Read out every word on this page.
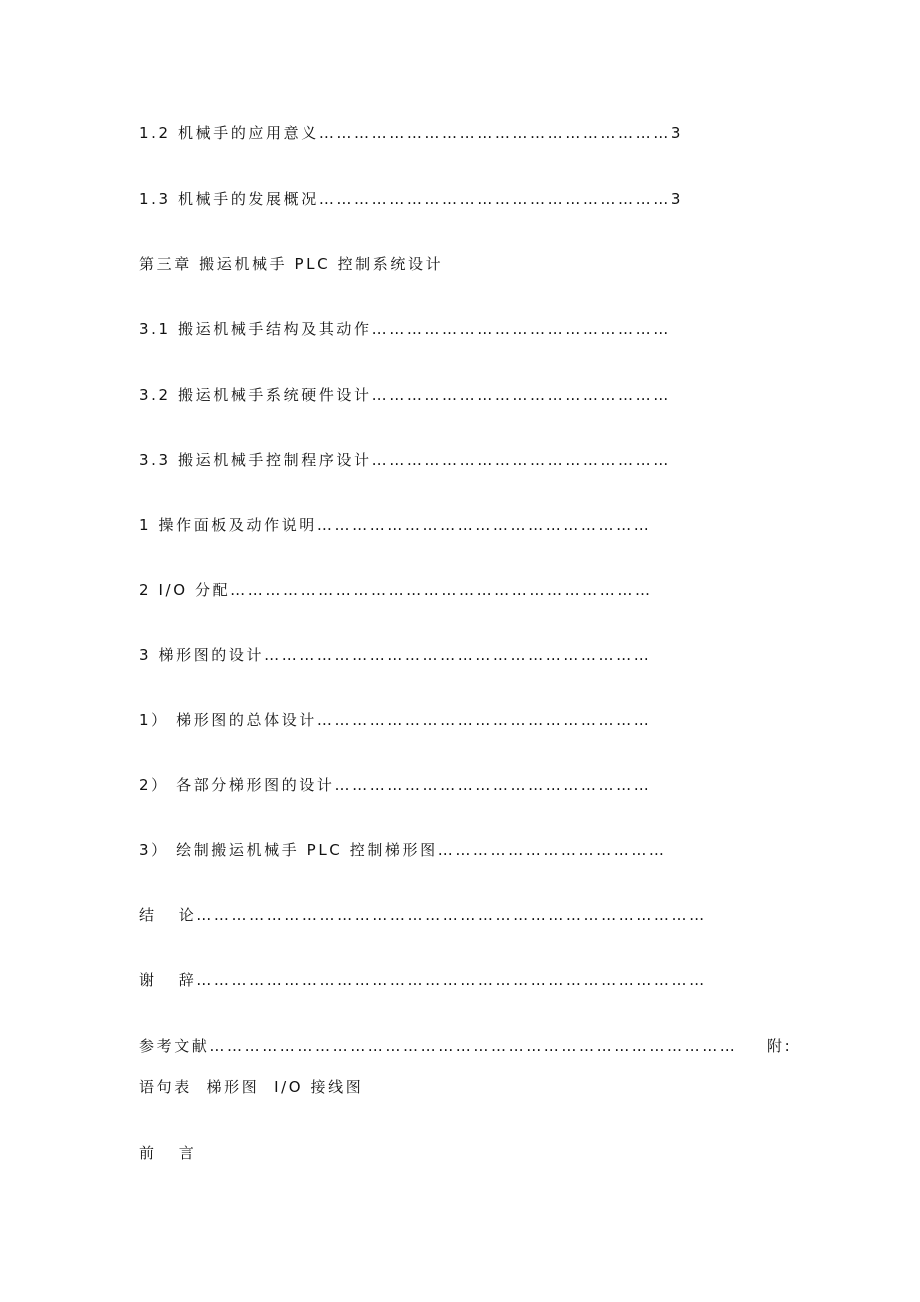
1.2 机械手的应用意义……………………………………………………3
1.3 机械手的发展概况……………………………………………………3
第三章 搬运机械手 PLC 控制系统设计
3.1 搬运机械手结构及其动作……………………………………………
3.2 搬运机械手系统硬件设计……………………………………………
3.3 搬运机械手控制程序设计……………………………………………
1 操作面板及动作说明…………………………………………………
2 I/O 分配………………………………………………………………
3 梯形图的设计…………………………………………………………
1） 梯形图的总体设计…………………………………………………
2） 各部分梯形图的设计………………………………………………
3） 绘制搬运机械手 PLC 控制梯形图…………………………………
结   论……………………………………………………………………………
谢   辞……………………………………………………………………………
参考文献………………………………………………………………………………	附:
语句表  梯形图  I/O 接线图
前   言
